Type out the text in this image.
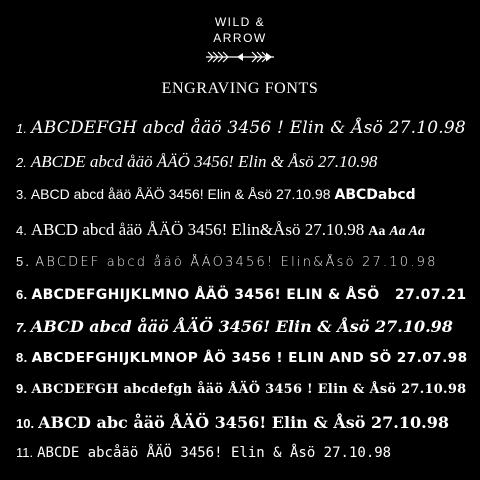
WILD &
ARROW
ENGRAVING FONTS
1. ABCDEFGH abcd åäö 3456 ! Elin & Åsö 27.10.98
2. ABCDE abcd åäö ÅÄÖ 3456! Elin & Åsö 27.10.98
3. ABCD abcd åäö ÅÄÖ 3456! Elin & Åsö 27.10.98 ABCDabcd
4. ABCD abcd åäö ÅÄÖ 3456! Elin&Åsö 27.10.98 Aa Aa Aa
5. ABCDEF abcd åäö ÅÄÖ3456! Elin&Åsö 27.10.98
6. ABCDEFGHIJKLMNO ÅÄÖ 3456! ELIN & ÅSÖ   27.07.21
7. ABCD abcd åäö ÅÄÖ 3456! Elin & Åsö 27.10.98
8. ABCDEFGHIJKLMNOP ÅÖ 3456 ! ELIN AND SÖ 27.07.98
9. ABCDEFGH abcdefgh åäö ÅÄÖ 3456 ! Elin & Åsö 27.10.98
10. ABCD abc åäö ÅÄÖ 3456! Elin & Åsö 27.10.98
11. ABCDE abcåäö ÅÄÖ 3456! Elin & Åsö 27.10.98
